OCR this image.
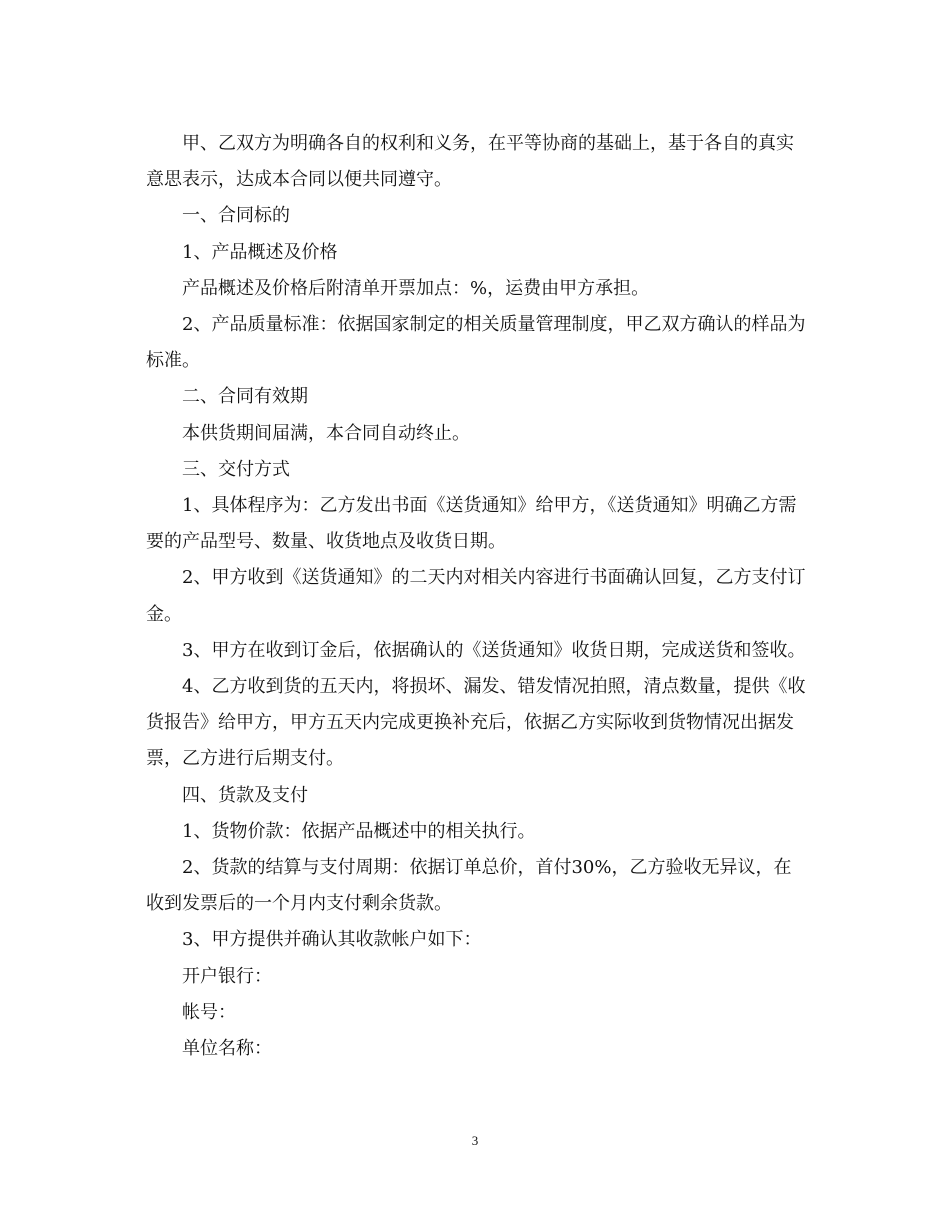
甲、乙双方为明确各自的权利和义务，在平等协商的基础上，基于各自的真实意思表示，达成本合同以便共同遵守。

一、合同标的

1、产品概述及价格

产品概述及价格后附清单开票加点：%，运费由甲方承担。

2、产品质量标准：依据国家制定的相关质量管理制度，甲乙双方确认的样品为标准。

二、合同有效期

本供货期间届满，本合同自动终止。

三、交付方式

1、具体程序为：乙方发出书面《送货通知》给甲方，《送货通知》明确乙方需要的产品型号、数量、收货地点及收货日期。

2、甲方收到《送货通知》的二天内对相关内容进行书面确认回复，乙方支付订金。

3、甲方在收到订金后，依据确认的《送货通知》收货日期，完成送货和签收。

4、乙方收到货的五天内，将损坏、漏发、错发情况拍照，清点数量，提供《收货报告》给甲方，甲方五天内完成更换补充后，依据乙方实际收到货物情况出据发票，乙方进行后期支付。

四、货款及支付

1、货物价款：依据产品概述中的相关执行。

2、货款的结算与支付周期：依据订单总价，首付30%，乙方验收无异议，在收到发票后的一个月内支付剩余货款。

3、甲方提供并确认其收款帐户如下：

开户银行：

帐号：

单位名称：

3
